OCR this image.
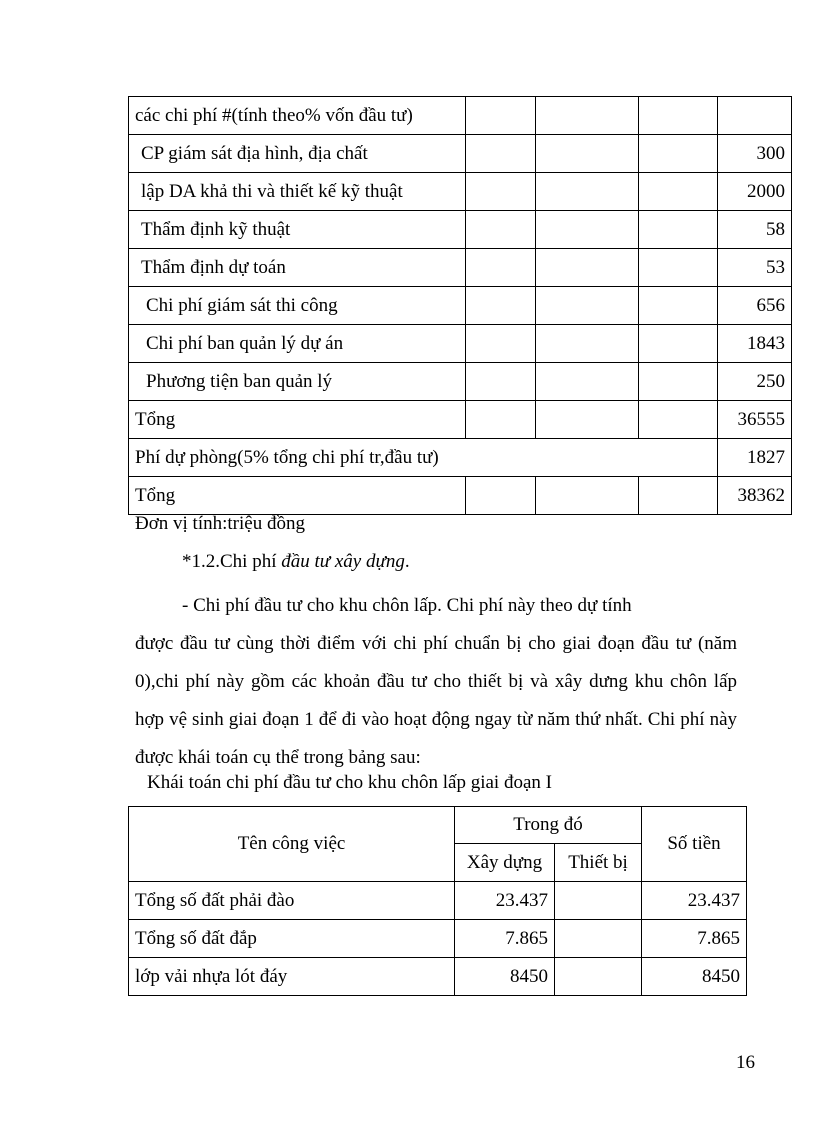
các chi phí #(tính theo% vốn đầu tư)				
CP giám sát địa hình, địa chất				300
lập DA khả thi và thiết kế kỹ thuật				2000
Thẩm định kỹ thuật				58
Thẩm định dự toán				53
Chi phí giám sát thi công				656
Chi phí ban quản lý dự án				1843
Phương tiện ban quản lý				250
Tổng				36555
Phí dự phòng(5% tổng chi phí tr,đầu tư)				1827
Tổng				38362
Đơn vị tính:triệu đồng
*1.2.Chi phí đầu tư xây dựng.

- Chi phí đầu tư cho khu chôn lấp. Chi phí này theo dự tính
được đầu tư cùng thời điểm với chi phí chuẩn bị cho giai đoạn đầu tư (năm 0),chi phí này gồm các khoản đầu tư cho thiết bị và xây dưng khu chôn lấp hợp vệ sinh giai đoạn 1 để đi vào hoạt động ngay từ năm thứ nhất. Chi phí này được khái toán cụ thể trong bảng sau:

Khái toán chi phí đầu tư cho khu chôn lấp giai đoạn I
Tên công việc	Trong đó		Số tiền
	Xây dựng	Thiết bị	
Tổng số đất phải đào	23.437		23.437
Tổng số đất đắp	7.865		7.865
lớp vải nhựa lót đáy	8450		8450
16
